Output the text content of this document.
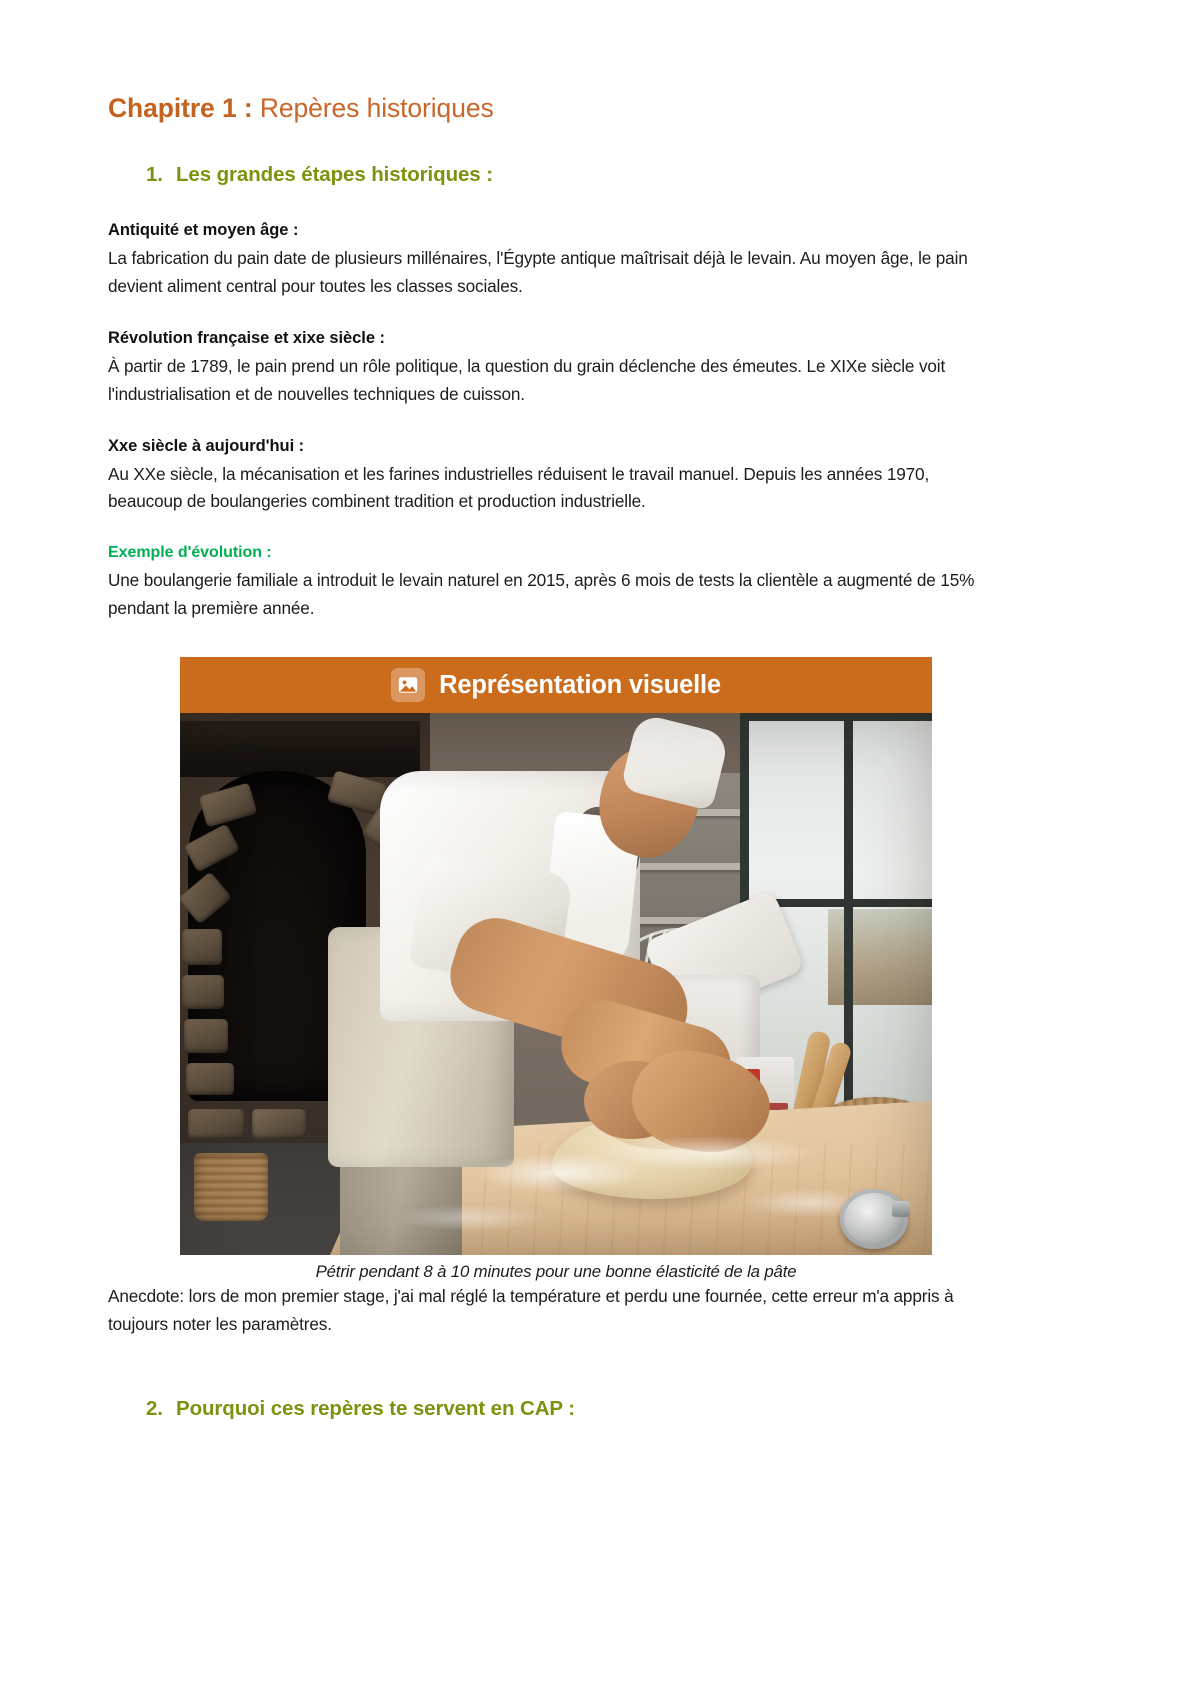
Chapitre 1 : Repères historiques
1. Les grandes étapes historiques :
Antiquité et moyen âge :

La fabrication du pain date de plusieurs millénaires, l'Égypte antique maîtrisait déjà le levain. Au moyen âge, le pain devient aliment central pour toutes les classes sociales.

Révolution française et xixe siècle :

À partir de 1789, le pain prend un rôle politique, la question du grain déclenche des émeutes. Le XIXe siècle voit l'industrialisation et de nouvelles techniques de cuisson.

Xxe siècle à aujourd'hui :

Au XXe siècle, la mécanisation et les farines industrielles réduisent le travail manuel. Depuis les années 1970, beaucoup de boulangeries combinent tradition et production industrielle.

Exemple d'évolution :

Une boulangerie familiale a introduit le levain naturel en 2015, après 6 mois de tests la clientèle a augmenté de 15% pendant la première année.

Représentation visuelle
Pétrir pendant 8 à 10 minutes pour une bonne élasticité de la pâte

Anecdote: lors de mon premier stage, j'ai mal réglé la température et perdu une fournée, cette erreur m'a appris à toujours noter les paramètres.

2. Pourquoi ces repères te servent en CAP :
